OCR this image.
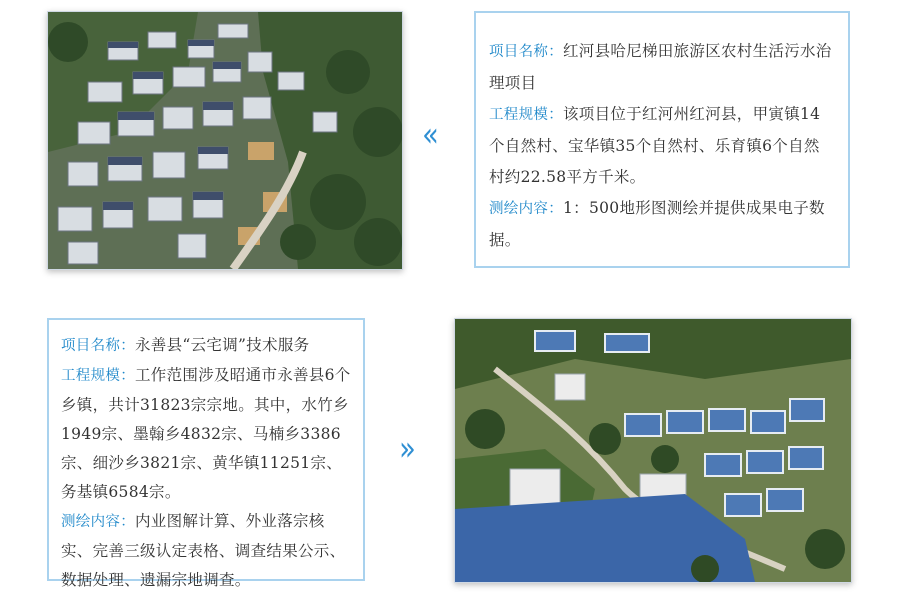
«

项目名称：红河县哈尼梯田旅游区农村生活污水治理项目

工程规模：该项目位于红河州红河县，甲寅镇14个自然村、宝华镇35个自然村、乐育镇6个自然村约22.58平方千米。

测绘内容：1：500地形图测绘并提供成果电子数据。

项目名称：永善县“云宅调”技术服务

工程规模：工作范围涉及昭通市永善县6个乡镇，共计31823宗宗地。其中，水竹乡1949宗、墨翰乡4832宗、马楠乡3386宗、细沙乡3821宗、黄华镇11251宗、务基镇6584宗。

测绘内容：内业图解计算、外业落宗核实、完善三级认定表格、调查结果公示、数据处理、遗漏宗地调查。

»
